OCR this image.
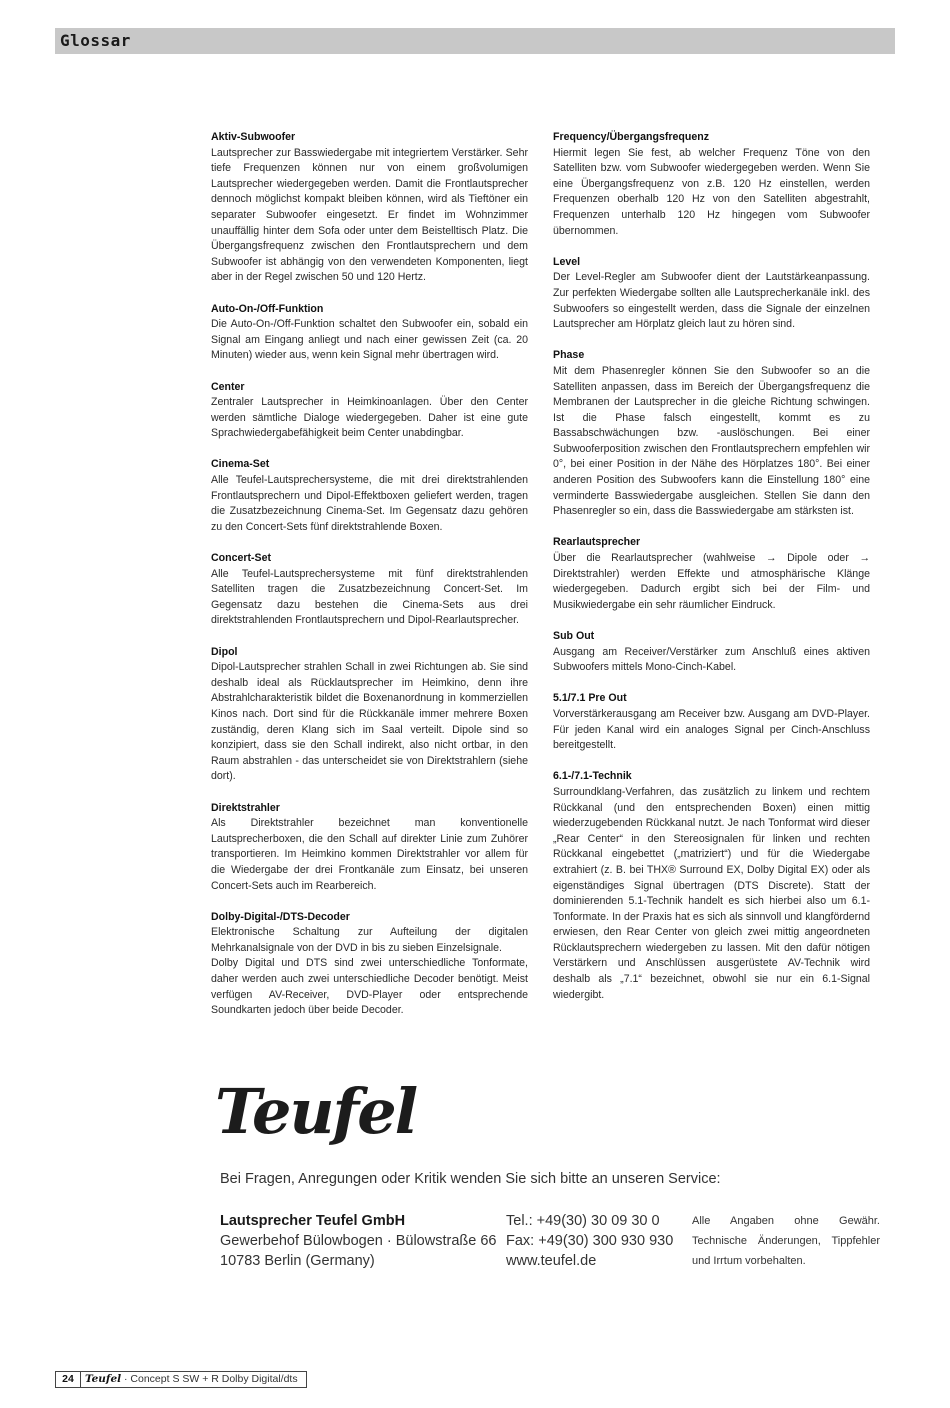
Glossar
Aktiv-Subwoofer
Lautsprecher zur Basswiedergabe mit integriertem Verstärker. Sehr tiefe Frequenzen können nur von einem großvolumigen Lautsprecher wiedergegeben werden. Damit die Frontlautsprecher dennoch möglichst kompakt bleiben können, wird als Tieftöner ein separater Subwoofer eingesetzt. Er findet im Wohnzimmer unauffällig hinter dem Sofa oder unter dem Beistelltisch Platz. Die Übergangsfrequenz zwischen den Frontlautsprechern und dem Subwoofer ist abhängig von den verwendeten Komponenten, liegt aber in der Regel zwischen 50 und 120 Hertz.
Auto-On-/Off-Funktion
Die Auto-On-/Off-Funktion schaltet den Subwoofer ein, sobald ein Signal am Eingang anliegt und nach einer gewissen Zeit (ca. 20 Minuten) wieder aus, wenn kein Signal mehr übertragen wird.
Center
Zentraler Lautsprecher in Heimkinoanlagen. Über den Center werden sämtliche Dialoge wiedergegeben. Daher ist eine gute Sprachwiedergabefähigkeit beim Center unabdingbar.
Cinema-Set
Alle Teufel-Lautsprechersysteme, die mit drei direktstrahlenden Frontlautsprechern und Dipol-Effektboxen geliefert werden, tragen die Zusatzbezeichnung Cinema-Set. Im Gegensatz dazu gehören zu den Concert-Sets fünf direktstrahlende Boxen.
Concert-Set
Alle Teufel-Lautsprechersysteme mit fünf direktstrahlenden Satelliten tragen die Zusatzbezeichnung Concert-Set. Im Gegensatz dazu bestehen die Cinema-Sets aus drei direktstrahlenden Frontlautsprechern und Dipol-Rearlautsprecher.
Dipol
Dipol-Lautsprecher strahlen Schall in zwei Richtungen ab. Sie sind deshalb ideal als Rücklautsprecher im Heimkino, denn ihre Abstrahlcharakteristik bildet die Boxenanordnung in kommerziellen Kinos nach. Dort sind für die Rückkanäle immer mehrere Boxen zuständig, deren Klang sich im Saal verteilt. Dipole sind so konzipiert, dass sie den Schall indirekt, also nicht ortbar, in den Raum abstrahlen - das unterscheidet sie von Direktstrahlern (siehe dort).
Direktstrahler
Als Direktstrahler bezeichnet man konventionelle Lautsprecherboxen, die den Schall auf direkter Linie zum Zuhörer transportieren. Im Heimkino kommen Direktstrahler vor allem für die Wiedergabe der drei Frontkanäle zum Einsatz, bei unseren Concert-Sets auch im Rearbereich.
Dolby-Digital-/DTS-Decoder
Elektronische Schaltung zur Aufteilung der digitalen Mehrkanalsignale von der DVD in bis zu sieben Einzelsignale.
Dolby Digital und DTS sind zwei unterschiedliche Tonformate, daher werden auch zwei unterschiedliche Decoder benötigt. Meist verfügen AV-Receiver, DVD-Player oder entsprechende Soundkarten jedoch über beide Decoder.
Frequency/Übergangsfrequenz
Hiermit legen Sie fest, ab welcher Frequenz Töne von den Satelliten bzw. vom Subwoofer wiedergegeben werden. Wenn Sie eine Übergangsfrequenz von z.B. 120 Hz einstellen, werden Frequenzen oberhalb 120 Hz von den Satelliten abgestrahlt, Frequenzen unterhalb 120 Hz hingegen vom Subwoofer übernommen.
Level
Der Level-Regler am Subwoofer dient der Lautstärkeanpassung. Zur perfekten Wiedergabe sollten alle Lautsprecherkanäle inkl. des Subwoofers so eingestellt werden, dass die Signale der einzelnen Lautsprecher am Hörplatz gleich laut zu hören sind.
Phase
Mit dem Phasenregler können Sie den Subwoofer so an die Satelliten anpassen, dass im Bereich der Übergangsfrequenz die Membranen der Lautsprecher in die gleiche Richtung schwingen. Ist die Phase falsch eingestellt, kommt es zu Bassabschwächungen bzw. -auslöschungen. Bei einer Subwooferposition zwischen den Frontlautsprechern empfehlen wir 0°, bei einer Position in der Nähe des Hörplatzes 180°. Bei einer anderen Position des Subwoofers kann die Einstellung 180° eine verminderte Basswiedergabe ausgleichen. Stellen Sie dann den Phasenregler so ein, dass die Basswiedergabe am stärksten ist.
Rearlautsprecher
Über die Rearlautsprecher (wahlweise → Dipole oder → Direktstrahler) werden Effekte und atmosphärische Klänge wiedergegeben. Dadurch ergibt sich bei der Film- und Musikwiedergabe ein sehr räumlicher Eindruck.
Sub Out
Ausgang am Receiver/Verstärker zum Anschluß eines aktiven Subwoofers mittels Mono-Cinch-Kabel.
5.1/7.1 Pre Out
Vorverstärkerausgang am Receiver bzw. Ausgang am DVD-Player. Für jeden Kanal wird ein analoges Signal per Cinch-Anschluss bereitgestellt.
6.1-/7.1-Technik
Surroundklang-Verfahren, das zusätzlich zu linkem und rechtem Rückkanal (und den entsprechenden Boxen) einen mittig wiederzugebenden Rückkanal nutzt. Je nach Tonformat wird dieser „Rear Center“ in den Stereosignalen für linken und rechten Rückkanal eingebettet („matriziert“) und für die Wiedergabe extrahiert (z. B. bei THX® Surround EX, Dolby Digital EX) oder als eigenständiges Signal übertragen (DTS Discrete). Statt der dominierenden 5.1-Technik handelt es sich hierbei also um 6.1-Tonformate. In der Praxis hat es sich als sinnvoll und klangfördernd erwiesen, den Rear Center von gleich zwei mittig angeordneten Rücklautsprechern wiedergeben zu lassen. Mit den dafür nötigen Verstärkern und Anschlüssen ausgerüstete AV-Technik wird deshalb als „7.1“ bezeichnet, obwohl sie nur ein 6.1-Signal wiedergibt.
Teufel
Bei Fragen, Anregungen oder Kritik wenden Sie sich bitte an unseren Service:
Lautsprecher Teufel GmbH
Gewerbehof Bülowbogen · Bülowstraße 66
10783 Berlin (Germany)
Tel.: +49(30) 30 09 30 0
Fax: +49(30) 300 930 930
www.teufel.de
Alle Angaben ohne Gewähr. Technische Änderungen, Tippfehler und Irrtum vorbehalten.
24	Teufel · Concept S SW + R Dolby Digital/dts
